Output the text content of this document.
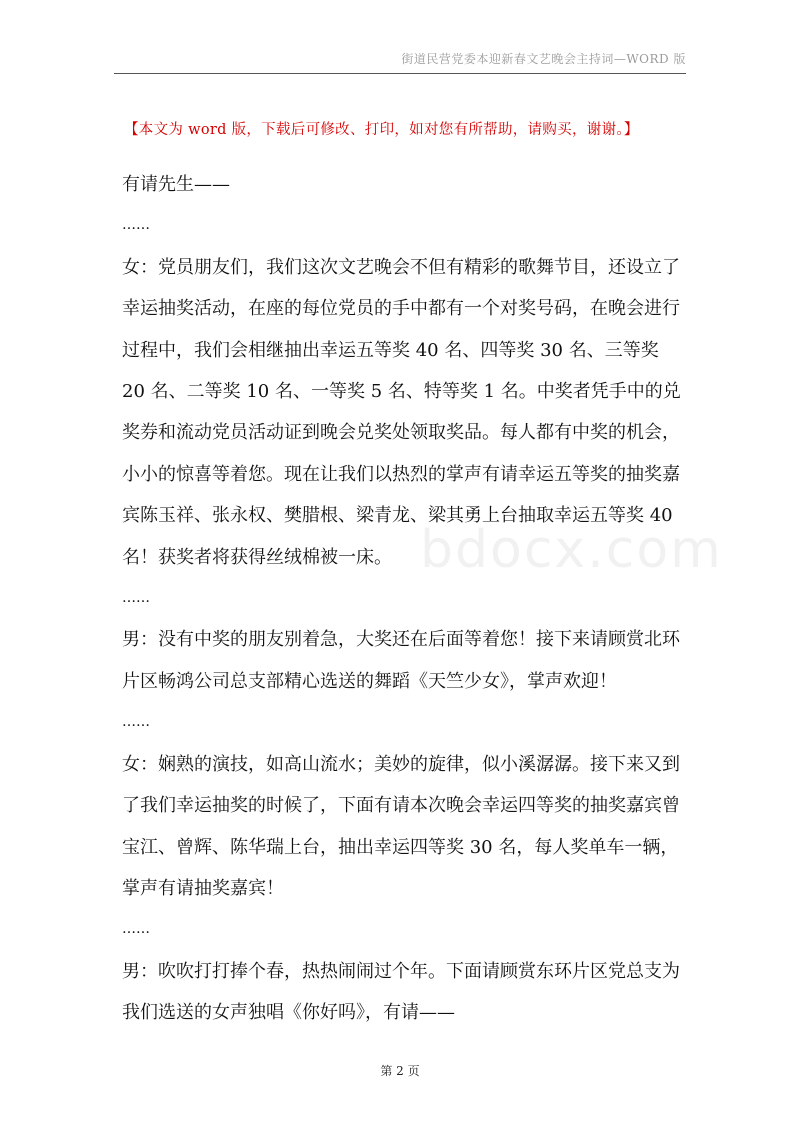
街道民营党委本迎新春文艺晚会主持词—WORD 版
【本文为 word 版，下载后可修改、打印，如对您有所帮助，请购买，谢谢。】
bdocx.com

有请先生——

……

女：党员朋友们，我们这次文艺晚会不但有精彩的歌舞节目，还设立了幸运抽奖活动，在座的每位党员的手中都有一个对奖号码，在晚会进行过程中，我们会相继抽出幸运五等奖 40 名、四等奖 30 名、三等奖 20 名、二等奖 10 名、一等奖 5 名、特等奖 1 名。中奖者凭手中的兑奖券和流动党员活动证到晚会兑奖处领取奖品。每人都有中奖的机会，小小的惊喜等着您。现在让我们以热烈的掌声有请幸运五等奖的抽奖嘉宾陈玉祥、张永权、樊腊根、梁青龙、梁其勇上台抽取幸运五等奖 40 名！获奖者将获得丝绒棉被一床。

……

男：没有中奖的朋友别着急，大奖还在后面等着您！接下来请顾赏北环片区畅鸿公司总支部精心选送的舞蹈《天竺少女》，掌声欢迎！

……

女：娴熟的演技，如高山流水；美妙的旋律，似小溪潺潺。接下来又到了我们幸运抽奖的时候了，下面有请本次晚会幸运四等奖的抽奖嘉宾曾宝江、曾辉、陈华瑞上台，抽出幸运四等奖 30 名，每人奖单车一辆，掌声有请抽奖嘉宾！

……

男：吹吹打打捧个春，热热闹闹过个年。下面请顾赏东环片区党总支为我们选送的女声独唱《你好吗》，有请——

第 2 页
